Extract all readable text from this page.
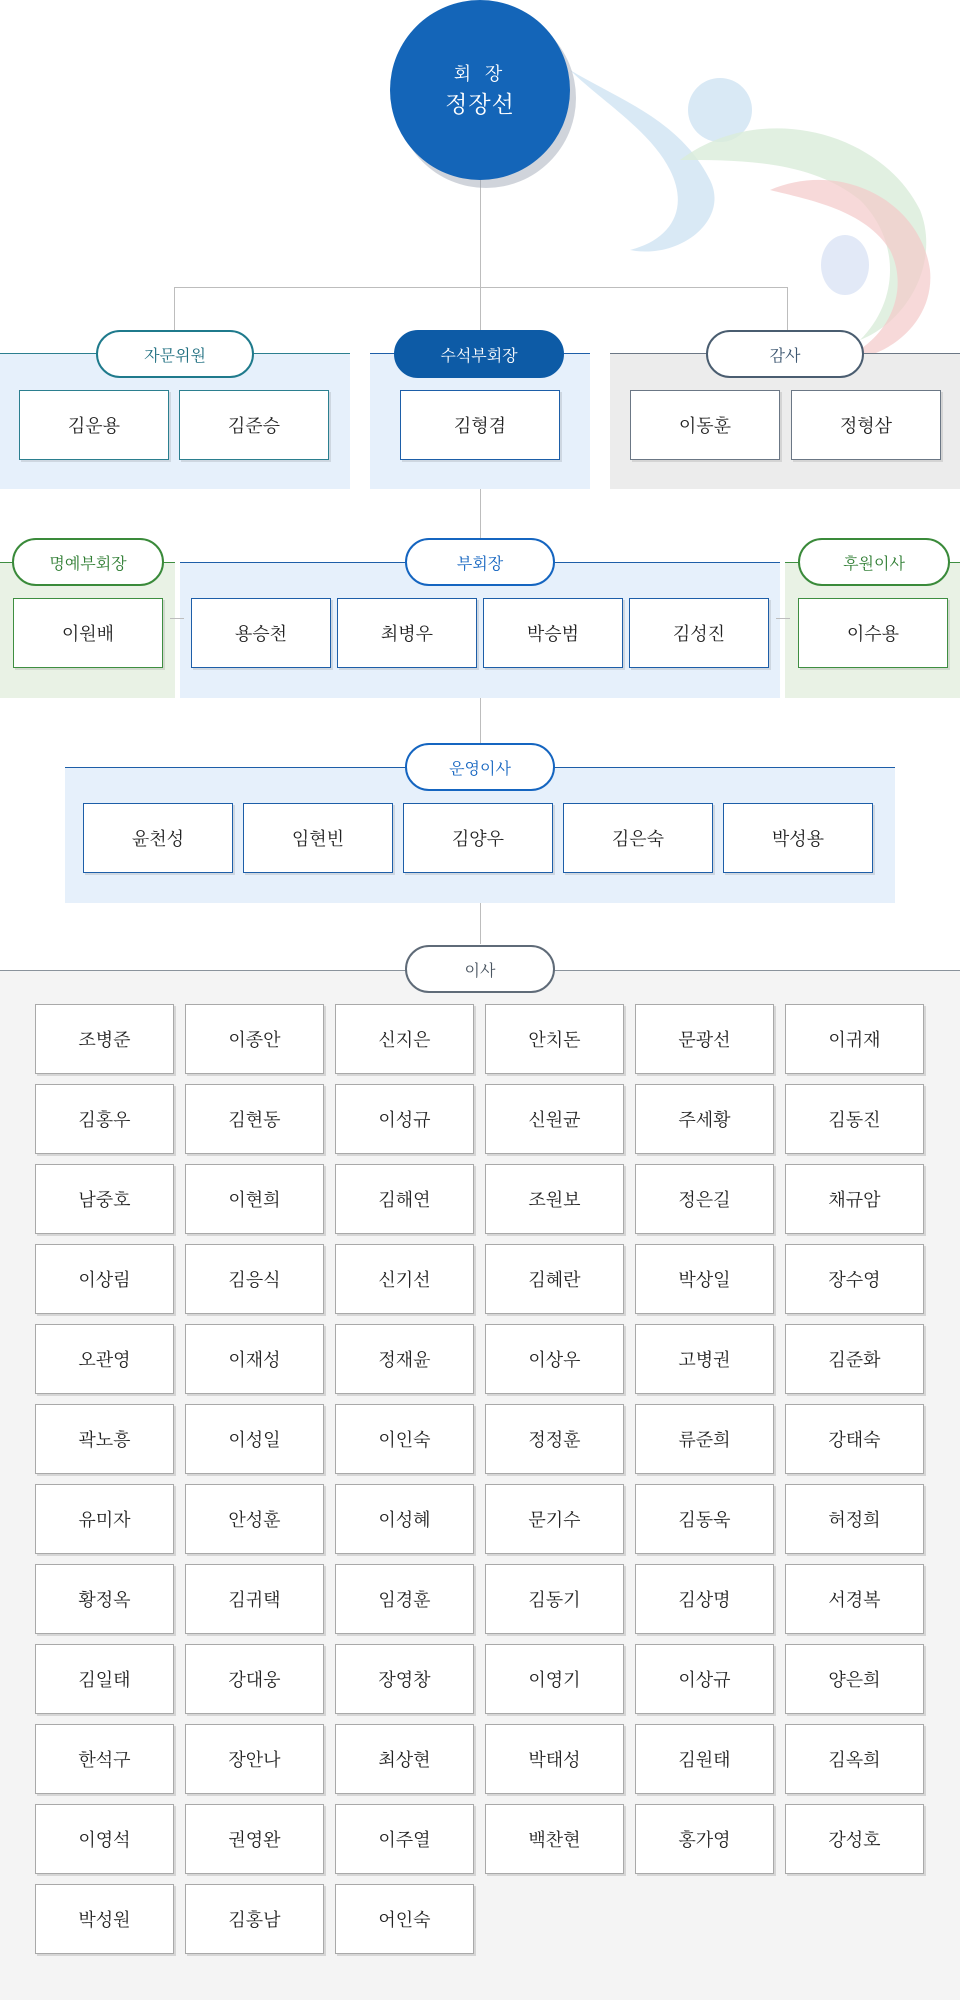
회 장
정장선
자문위원	수석부회장	감사
김운용	김준승	김형겸	이동훈	정형삼
명예부회장	부회장	후원이사
이원배	용승천	최병우	박승범	김성진	이수용
운영이사
윤천성	임현빈	김양우	김은숙	박성용
이사
조병준	이종안	신지은	안치돈	문광선	이귀재
김홍우	김현동	이성규	신원균	주세황	김동진
남중호	이현희	김해연	조원보	정은길	채규암
이상림	김응식	신기선	김혜란	박상일	장수영
오관영	이재성	정재윤	이상우	고병권	김준화
곽노흥	이성일	이인숙	정정훈	류준희	강태숙
유미자	안성훈	이성혜	문기수	김동욱	허정희
황정옥	김귀택	임경훈	김동기	김상명	서경복
김일태	강대웅	장영창	이영기	이상규	양은희
한석구	장안나	최상현	박태성	김원태	김옥희
이영석	권영완	이주열	백찬현	홍가영	강성호
박성원	김홍남	어인숙
